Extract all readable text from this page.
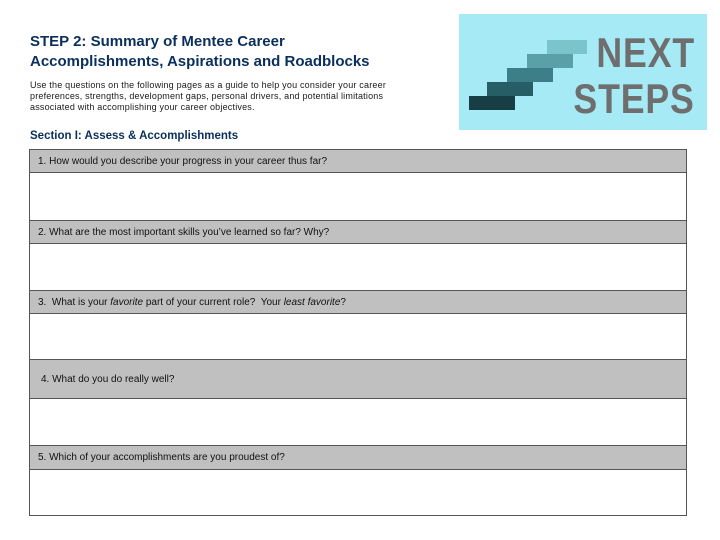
STEP 2: Summary of Mentee Career
Accomplishments, Aspirations and Roadblocks
Use the questions on the following pages as a guide to help you consider your career
preferences, strengths, development gaps, personal drivers, and potential limitations
associated with accomplishing your career objectives.
NEXT
STEPS
Section I: Assess & Accomplishments
1. How would you describe your progress in your career thus far?
2. What are the most important skills you’ve learned so far? Why?
3.  What is your favorite part of your current role?  Your least favorite ?
4. What do you do really well?
5. Which of your accomplishments are you proudest of?
